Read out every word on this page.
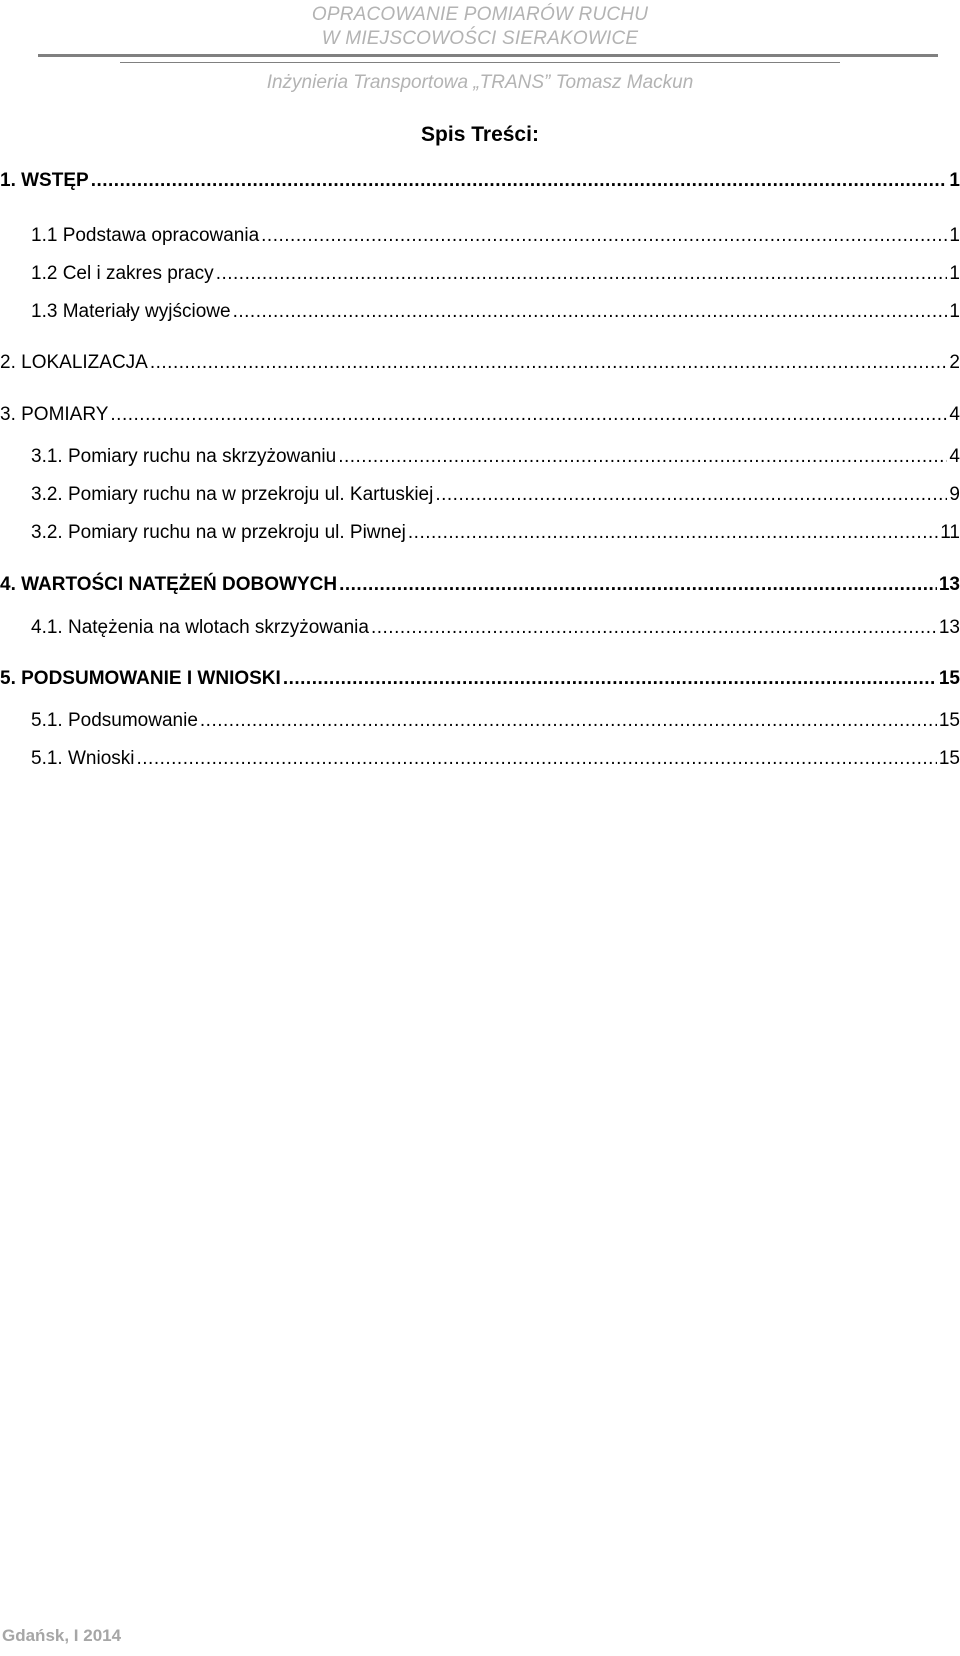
OPRACOWANIE POMIARÓW RUCHU
W MIEJSCOWOŚCI SIERAKOWICE
Inżynieria Transportowa „TRANS” Tomasz Mackun
Spis Treści:
1. WSTĘP .....	1
1.1 Podstawa opracowania .....	1
1.2 Cel i zakres pracy .....	1
1.3 Materiały wyjściowe .....	1
2. LOKALIZACJA .....	2
3. POMIARY .....	4
3.1. Pomiary ruchu na skrzyżowaniu .....	4
3.2. Pomiary ruchu na w przekroju ul. Kartuskiej .....	9
3.2. Pomiary ruchu na w przekroju ul. Piwnej .....	11
4. WARTOŚCI NATĘŻEŃ DOBOWYCH .....	13
4.1. Natężenia na wlotach skrzyżowania .....	13
5. PODSUMOWANIE I WNIOSKI .....	15
5.1. Podsumowanie .....	15
5.1. Wnioski .....	15
Gdańsk, I 2014
